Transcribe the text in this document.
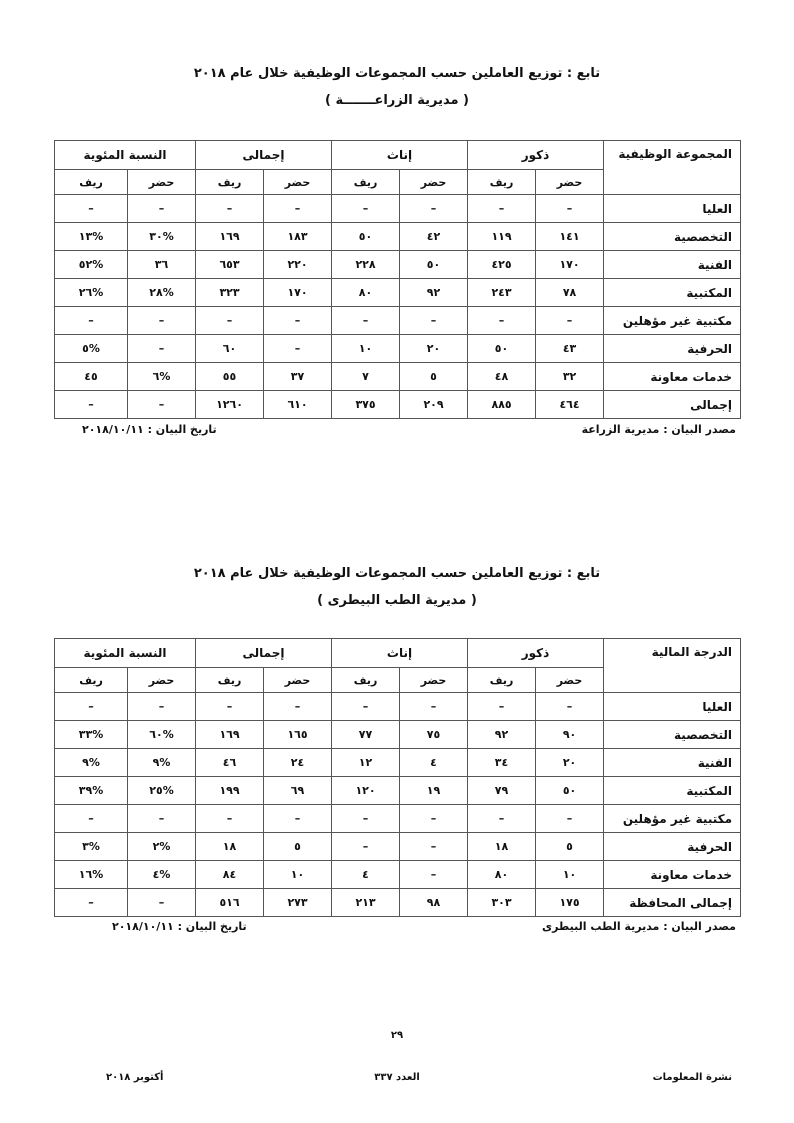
تابع : توزيع العاملين حسب المجموعات الوظيفية خلال عام ٢٠١٨
( مديرية الزراعـــــــة )
المجموعة الوظيفية	ذكور		إناث		إجمالى		النسبة المئوية	
	حضر	ريف	حضر	ريف	حضر	ريف	حضر	ريف
العليا	–	–	–	–	–	–	–	–
التخصصية	١٤١	١١٩	٤٢	٥٠	١٨٣	١٦٩	%٣٠	%١٣
الفنية	١٧٠	٤٢٥	٥٠	٢٢٨	٢٢٠	٦٥٣	٣٦	%٥٢
المكتبية	٧٨	٢٤٣	٩٢	٨٠	١٧٠	٣٢٣	%٢٨	%٢٦
مكتبية غير مؤهلين	–	–	–	–	–	–	–	–
الحرفية	٤٣	٥٠	٢٠	١٠	–	٦٠	–	%٥
خدمات معاونة	٣٢	٤٨	٥	٧	٣٧	٥٥	%٦	٤٥
إجمالى	٤٦٤	٨٨٥	٢٠٩	٣٧٥	٦١٠	١٢٦٠	–	–
مصدر البيان : مديرية الزراعة
تاريخ البيان : ٢٠١٨/١٠/١١
تابع : توزيع العاملين حسب المجموعات الوظيفية خلال عام ٢٠١٨
( مديرية الطب البيطرى )
الدرجة المالية	ذكور		إناث		إجمالى		النسبة المئوية	
	حضر	ريف	حضر	ريف	حضر	ريف	حضر	ريف
العليا	–	–	–	–	–	–	–	–
التخصصية	٩٠	٩٢	٧٥	٧٧	١٦٥	١٦٩	%٦٠	%٣٣
الفنية	٢٠	٣٤	٤	١٢	٢٤	٤٦	%٩	%٩
المكتبية	٥٠	٧٩	١٩	١٢٠	٦٩	١٩٩	%٢٥	%٣٩
مكتبية غير مؤهلين	–	–	–	–	–	–	–	–
الحرفية	٥	١٨	–	–	٥	١٨	%٢	%٣
خدمات معاونة	١٠	٨٠	–	٤	١٠	٨٤	%٤	%١٦
إجمالى المحافظة	١٧٥	٣٠٣	٩٨	٢١٣	٢٧٣	٥١٦	–	–
مصدر البيان : مديرية الطب البيطرى
تاريخ البيان : ٢٠١٨/١٠/١١
٢٩
نشرة المعلومات
العدد ٣٣٧
أكتوبر ٢٠١٨
